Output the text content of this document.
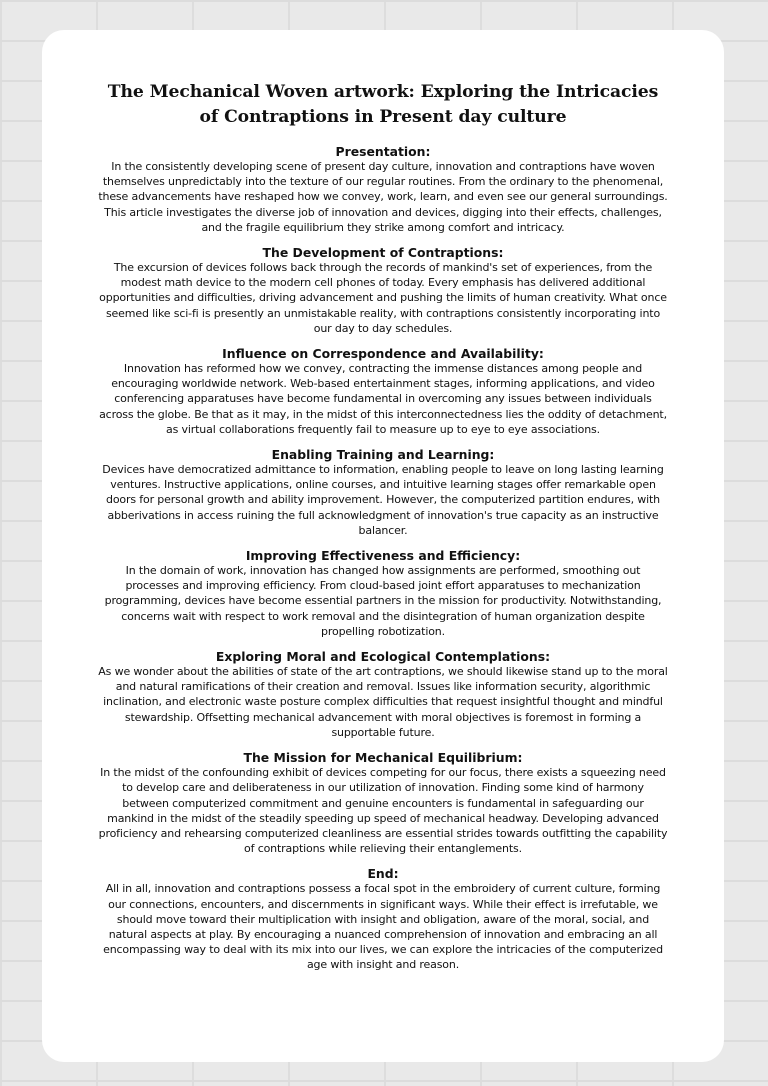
The Mechanical Woven artwork: Exploring the Intricacies of Contraptions in Present day culture

Presentation:

In the consistently developing scene of present day culture, innovation and contraptions have woven themselves unpredictably into the texture of our regular routines. From the ordinary to the phenomenal, these advancements have reshaped how we convey, work, learn, and even see our general surroundings. This article investigates the diverse job of innovation and devices, digging into their effects, challenges, and the fragile equilibrium they strike among comfort and intricacy.

The Development of Contraptions:

The excursion of devices follows back through the records of mankind's set of experiences, from the modest math device to the modern cell phones of today. Every emphasis has delivered additional opportunities and difficulties, driving advancement and pushing the limits of human creativity. What once seemed like sci-fi is presently an unmistakable reality, with contraptions consistently incorporating into our day to day schedules.

Influence on Correspondence and Availability:

Innovation has reformed how we convey, contracting the immense distances among people and encouraging worldwide network. Web-based entertainment stages, informing applications, and video conferencing apparatuses have become fundamental in overcoming any issues between individuals across the globe. Be that as it may, in the midst of this interconnectedness lies the oddity of detachment, as virtual collaborations frequently fail to measure up to eye to eye associations.

Enabling Training and Learning:

Devices have democratized admittance to information, enabling people to leave on long lasting learning ventures. Instructive applications, online courses, and intuitive learning stages offer remarkable open doors for personal growth and ability improvement. However, the computerized partition endures, with abberivations in access ruining the full acknowledgment of innovation's true capacity as an instructive balancer.

Improving Effectiveness and Efficiency:

In the domain of work, innovation has changed how assignments are performed, smoothing out processes and improving efficiency. From cloud-based joint effort apparatuses to mechanization programming, devices have become essential partners in the mission for productivity. Notwithstanding, concerns wait with respect to work removal and the disintegration of human organization despite propelling robotization.

Exploring Moral and Ecological Contemplations:

As we wonder about the abilities of state of the art contraptions, we should likewise stand up to the moral and natural ramifications of their creation and removal. Issues like information security, algorithmic inclination, and electronic waste posture complex difficulties that request insightful thought and mindful stewardship. Offsetting mechanical advancement with moral objectives is foremost in forming a supportable future.

The Mission for Mechanical Equilibrium:

In the midst of the confounding exhibit of devices competing for our focus, there exists a squeezing need to develop care and deliberateness in our utilization of innovation. Finding some kind of harmony between computerized commitment and genuine encounters is fundamental in safeguarding our mankind in the midst of the steadily speeding up speed of mechanical headway. Developing advanced proficiency and rehearsing computerized cleanliness are essential strides towards outfitting the capability of contraptions while relieving their entanglements.

End:

All in all, innovation and contraptions possess a focal spot in the embroidery of current culture, forming our connections, encounters, and discernments in significant ways. While their effect is irrefutable, we should move toward their multiplication with insight and obligation, aware of the moral, social, and natural aspects at play. By encouraging a nuanced comprehension of innovation and embracing an all encompassing way to deal with its mix into our lives, we can explore the intricacies of the computerized age with insight and reason.
